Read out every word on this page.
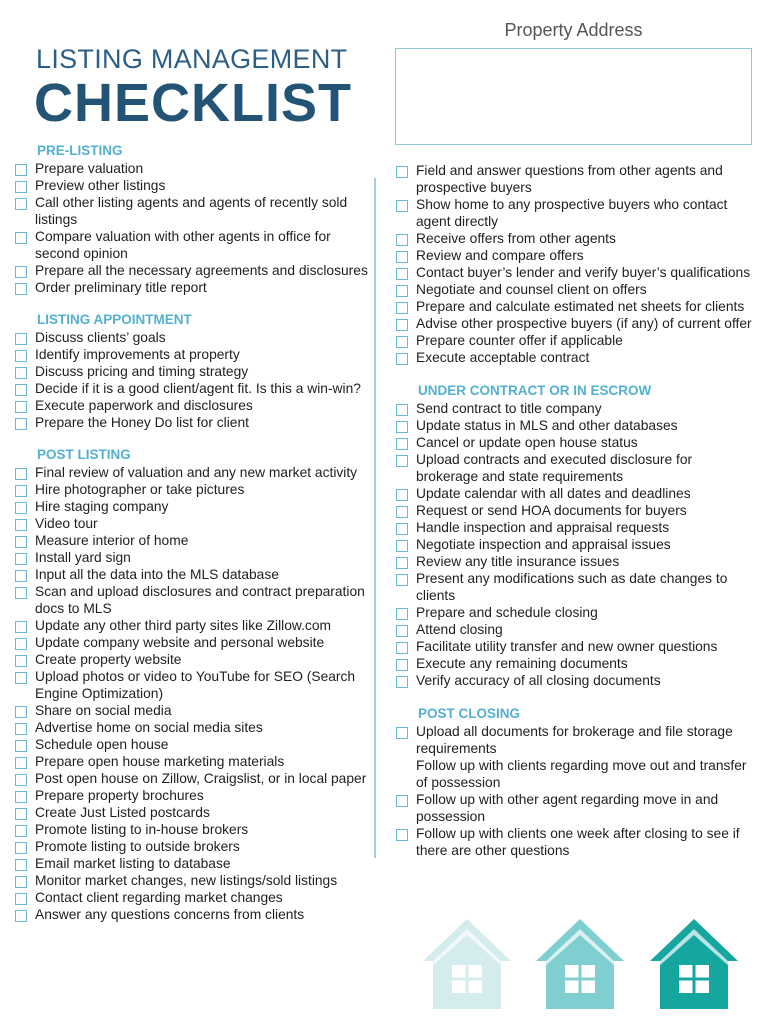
LISTING MANAGEMENT
CHECKLIST
Property Address
PRE-LISTING
Prepare valuation
Preview other listings
Call other listing agents and agents of recently sold listings
Compare valuation with other agents in office for second opinion
Prepare all the necessary agreements and disclosures
Order preliminary title report
LISTING APPOINTMENT
Discuss clients’ goals
Identify improvements at property
Discuss pricing and timing strategy
Decide if it is a good client/agent fit. Is this a win-win?
Execute paperwork and disclosures
Prepare the Honey Do list for client
POST LISTING
Final review of valuation and any new market activity
Hire photographer or take pictures
Hire staging company
Video tour
Measure interior of home
Install yard sign
Input all the data into the MLS database
Scan and upload disclosures and contract preparation docs to MLS
Update any other third party sites like Zillow.com
Update company website and personal website
Create property website
Upload photos or video to YouTube for SEO (Search Engine Optimization)
Share on social media
Advertise home on social media sites
Schedule open house
Prepare open house marketing materials
Post open house on Zillow, Craigslist, or in local paper
Prepare property brochures
Create Just Listed postcards
Promote listing to in-house brokers
Promote listing to outside brokers
Email market listing to database
Monitor market changes, new listings/sold listings
Contact client regarding market changes
Answer any questions concerns from clients
Field and answer questions from other agents and prospective buyers
Show home to any prospective buyers who contact agent directly
Receive offers from other agents
Review and compare offers
Contact buyer’s lender and verify buyer’s qualifications
Negotiate and counsel client on offers
Prepare and calculate estimated net sheets for clients
Advise other prospective buyers (if any) of current offer
Prepare counter offer if applicable
Execute acceptable contract
UNDER CONTRACT OR IN ESCROW
Send contract to title company
Update status in MLS and other databases
Cancel or update open house status
Upload contracts and executed disclosure for brokerage and state requirements
Update calendar with all dates and deadlines
Request or send HOA documents for buyers
Handle inspection and appraisal requests
Negotiate inspection and appraisal issues
Review any title insurance issues
Present any modifications such as date changes to clients
Prepare and schedule closing
Attend closing
Facilitate utility transfer and new owner questions
Execute any remaining documents
Verify accuracy of all closing documents
POST CLOSING
Upload all documents for brokerage and file storage requirements
Follow up with clients regarding move out and transfer of possession
Follow up with other agent regarding move in and possession
Follow up with clients one week after closing to see if there are other questions
